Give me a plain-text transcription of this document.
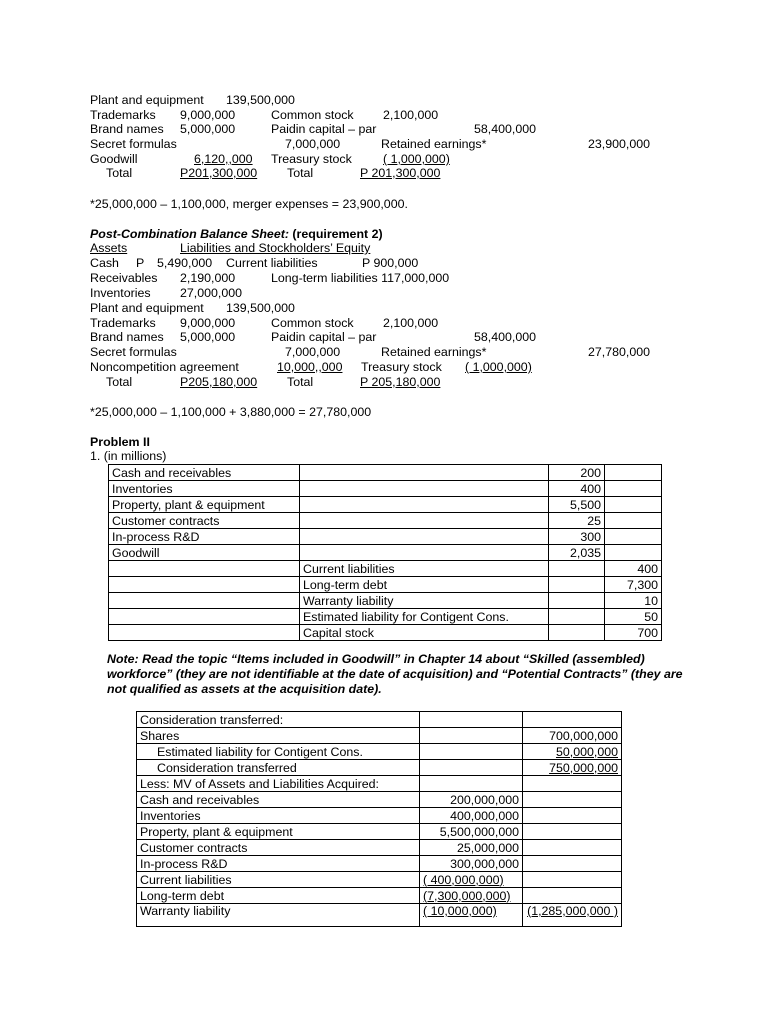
Plant and equipment 139,500,000
Trademarks 9,000,000	Common stock 2,100,000
Brand names 5,000,000	Paidin capital – par	58,400,000
Secret formulas	7,000,000	Retained earnings*	23,900,000
Goodwill	6,120,,000 Treasury stock	( 1,000,000)
Total	P201,300,000 Total	P 201,300,000
*25,000,000 – 1,100,000, merger expenses = 23,900,000.
Post-Combination Balance Sheet: (requirement 2)
Assets	Liabilities and Stockholders’ Equity
Cash P 5,490,000 Current liabilities	P 900,000
Receivables 2,190,000	Long-term liabilities 117,000,000
Inventories 27,000,000
Plant and equipment 139,500,000
Trademarks 9,000,000	Common stock 2,100,000
Brand names 5,000,000	Paidin capital – par	58,400,000
Secret formulas	7,000,000	Retained earnings*	27,780,000
Noncompetition agreement	10,000,,000 Treasury stock	( 1,000,000)
Total	P205,180,000 Total	P 205,180,000
*25,000,000 – 1,100,000 + 3,880,000 = 27,780,000
Problem II
1. (in millions)
Cash and receivables		200	
Inventories		400	
Property, plant & equipment		5,500	
Customer contracts		25	
In-process R&D		300	
Goodwill		2,035	
	Current liabilities		400
	Long-term debt		7,300
	Warranty liability		10
	Estimated liability for Contigent Cons.		50
	Capital stock		700
Note: Read the topic “Items included in Goodwill” in Chapter 14 about “Skilled (assembled) workforce” (they are not identifiable at the date of acquisition) and “Potential Contracts” (they are not qualified as assets at the acquisition date).
Consideration transferred:		
Shares		700,000,000
Estimated liability for Contigent Cons.		50,000,000
Consideration transferred		750,000,000
Less: MV of Assets and Liabilities Acquired:		
Cash and receivables	200,000,000	
Inventories	400,000,000	
Property, plant & equipment	5,500,000,000	
Customer contracts	25,000,000	
In-process R&D	300,000,000	
Current liabilities	( 400,000,000)	
Long-term debt	(7,300,000,000)	
Warranty liability	( 10,000,000)	(1,285,000,000 )
